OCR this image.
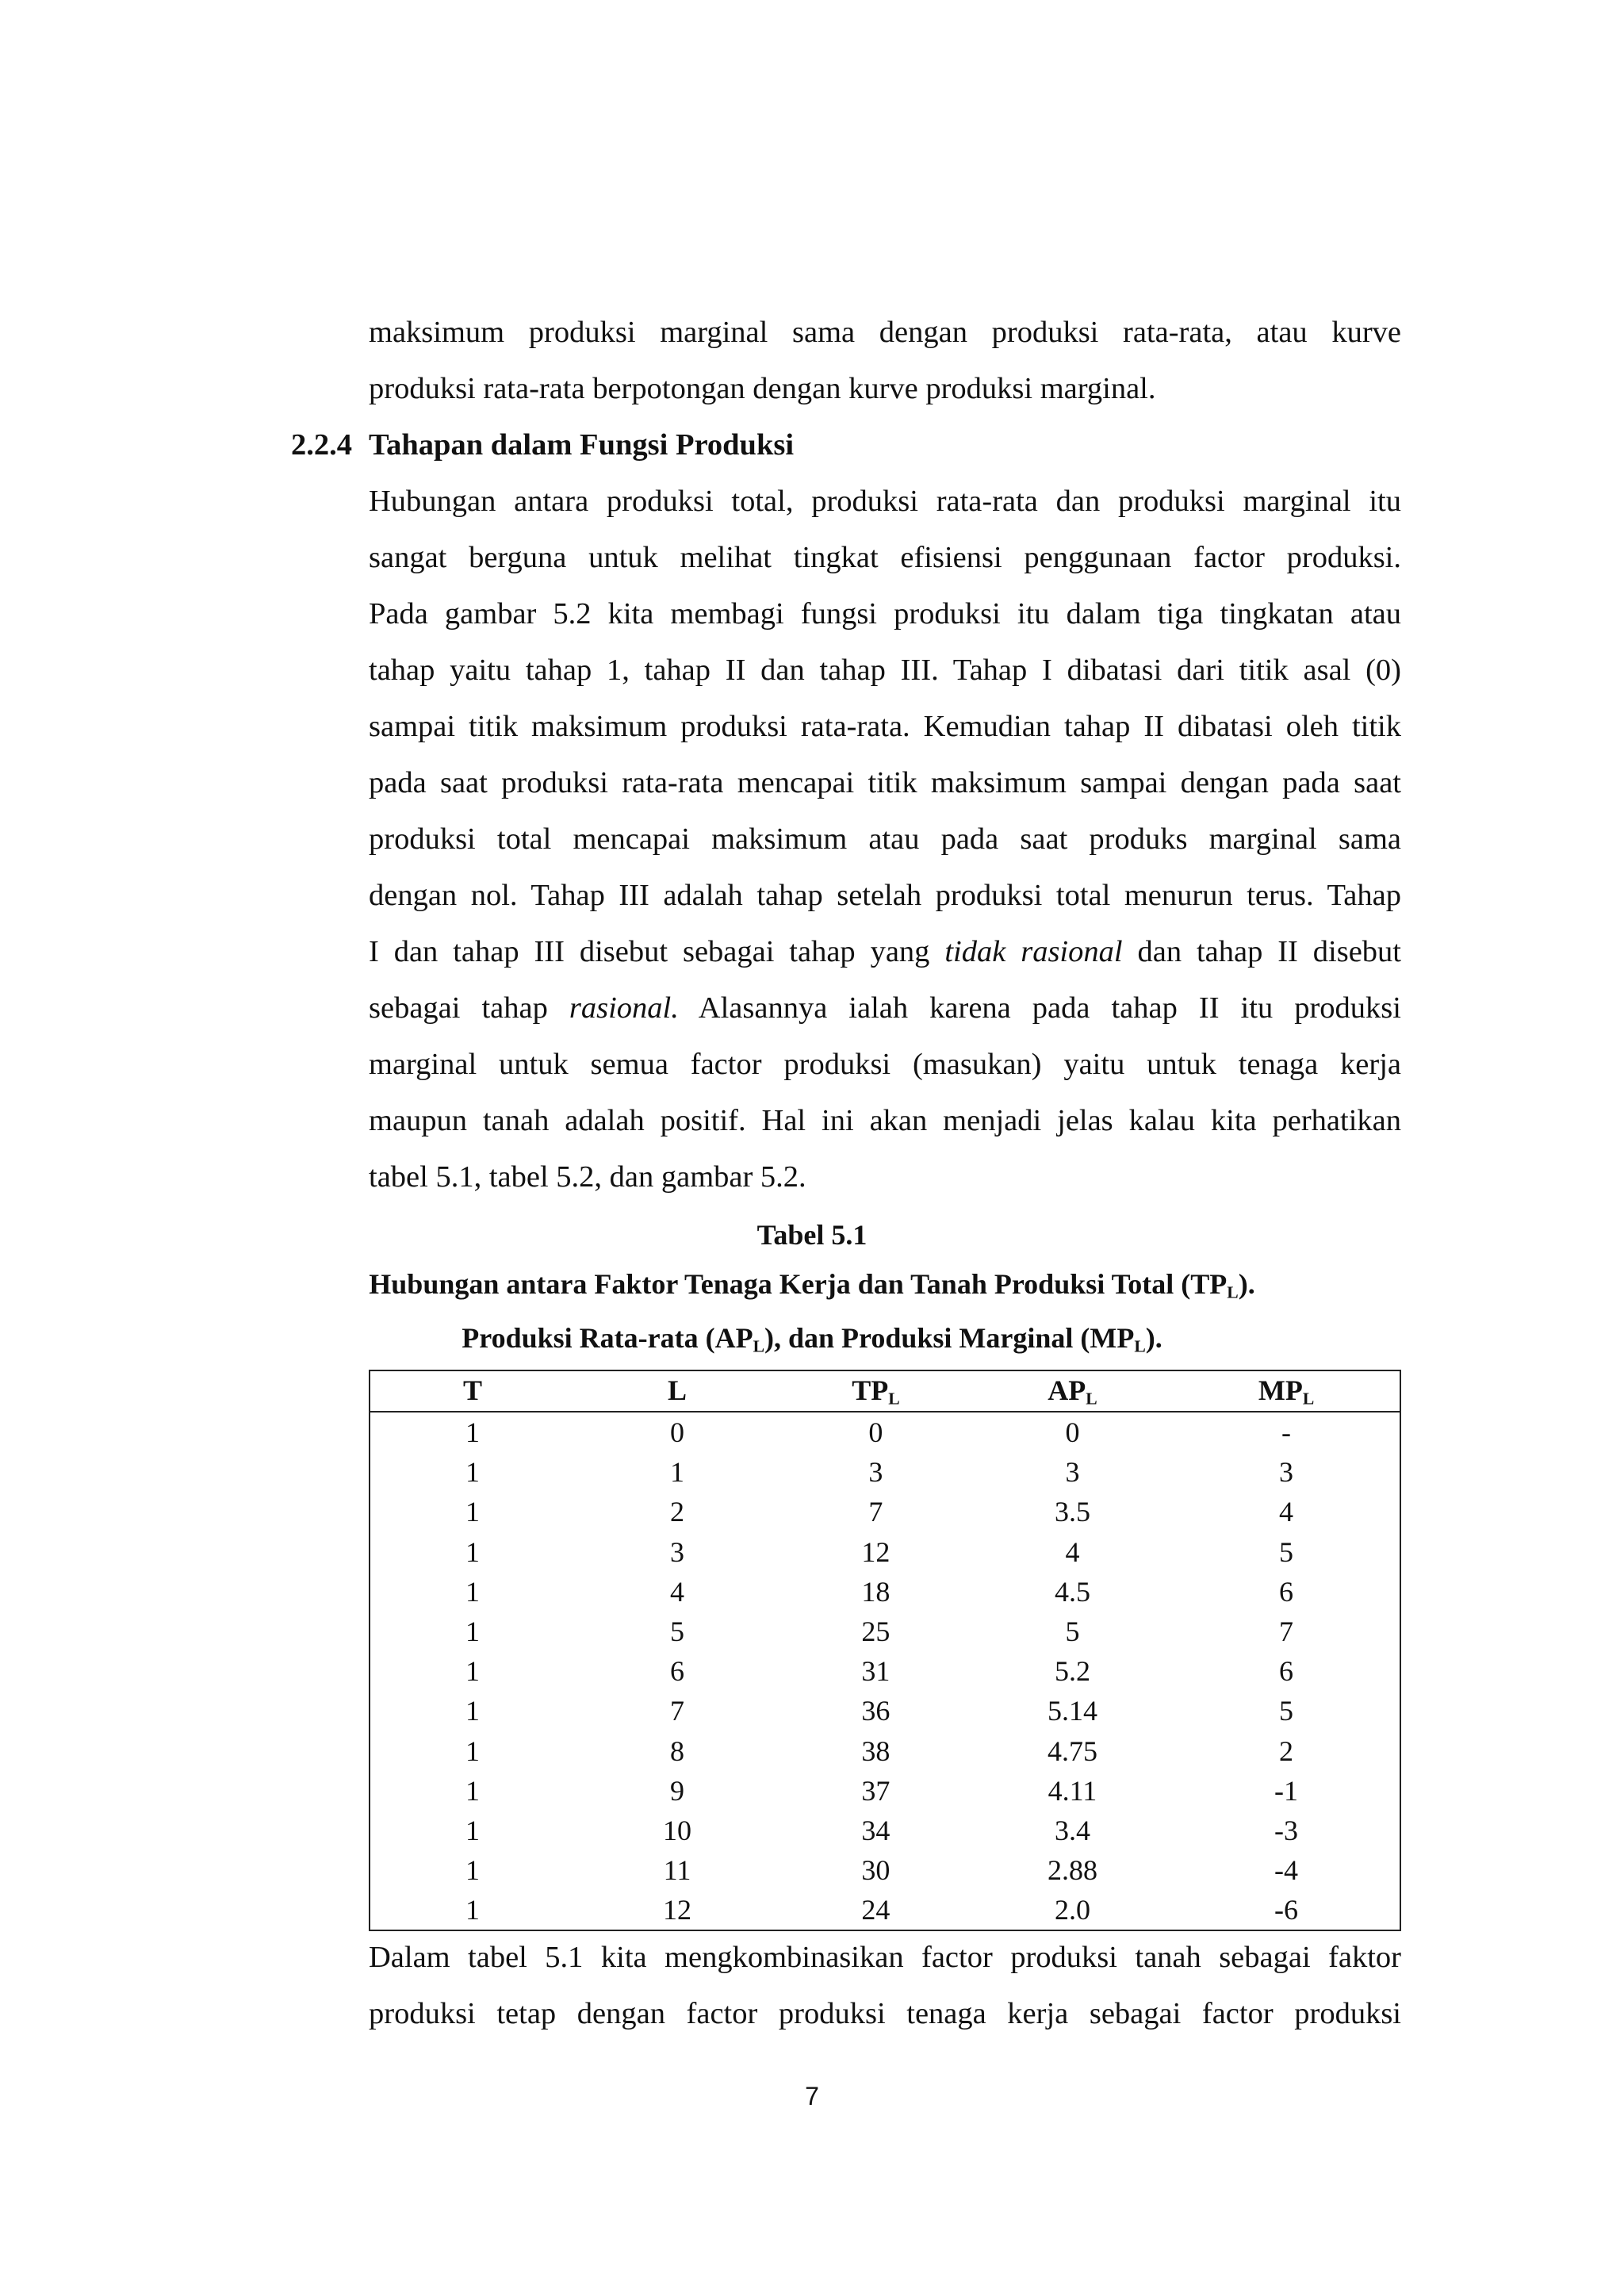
maksimum produksi marginal sama dengan produksi rata-rata, atau kurve

produksi rata-rata berpotongan dengan kurve produksi marginal.

2.2.4 Tahapan dalam Fungsi Produksi

Hubungan antara produksi total, produksi rata-rata dan produksi marginal itu

sangat berguna untuk melihat tingkat efisiensi penggunaan factor produksi.

Pada gambar 5.2 kita membagi fungsi produksi itu dalam tiga tingkatan atau

tahap yaitu tahap 1, tahap II dan tahap III. Tahap I dibatasi dari titik asal (0)

sampai titik maksimum produksi rata-rata. Kemudian tahap II dibatasi oleh titik

pada saat produksi rata-rata mencapai titik maksimum sampai dengan pada saat

produksi total mencapai maksimum atau pada saat produks marginal sama

dengan nol. Tahap III adalah tahap setelah produksi total menurun terus. Tahap

I dan tahap III disebut sebagai tahap yang tidak rasional dan tahap II disebut

sebagai tahap rasional. Alasannya ialah karena pada tahap II itu produksi

marginal untuk semua factor produksi (masukan) yaitu untuk tenaga kerja

maupun tanah adalah positif. Hal ini akan menjadi jelas kalau kita perhatikan

tabel 5.1, tabel 5.2, dan gambar 5.2.

Tabel 5.1
Hubungan antara Faktor Tenaga Kerja dan Tanah Produksi Total $(TP_L)$.
Produksi Rata-rata $(AP_L)$, dan Produksi Marginal $(MP_L)$.
T	L	$TP_L$	$AP_L$	$MP_L$
1	0	0	0	-
1	1	3	3	3
1	2	7	3.5	4
1	3	12	4	5
1	4	18	4.5	6
1	5	25	5	7
1	6	31	5.2	6
1	7	36	5.14	5
1	8	38	4.75	2
1	9	37	4.11	-1
1	10	34	3.4	-3
1	11	30	2.88	-4
1	12	24	2.0	-6

Dalam tabel 5.1 kita mengkombinasikan factor produksi tanah sebagai faktor

produksi tetap dengan factor produksi tenaga kerja sebagai factor produksi

7
